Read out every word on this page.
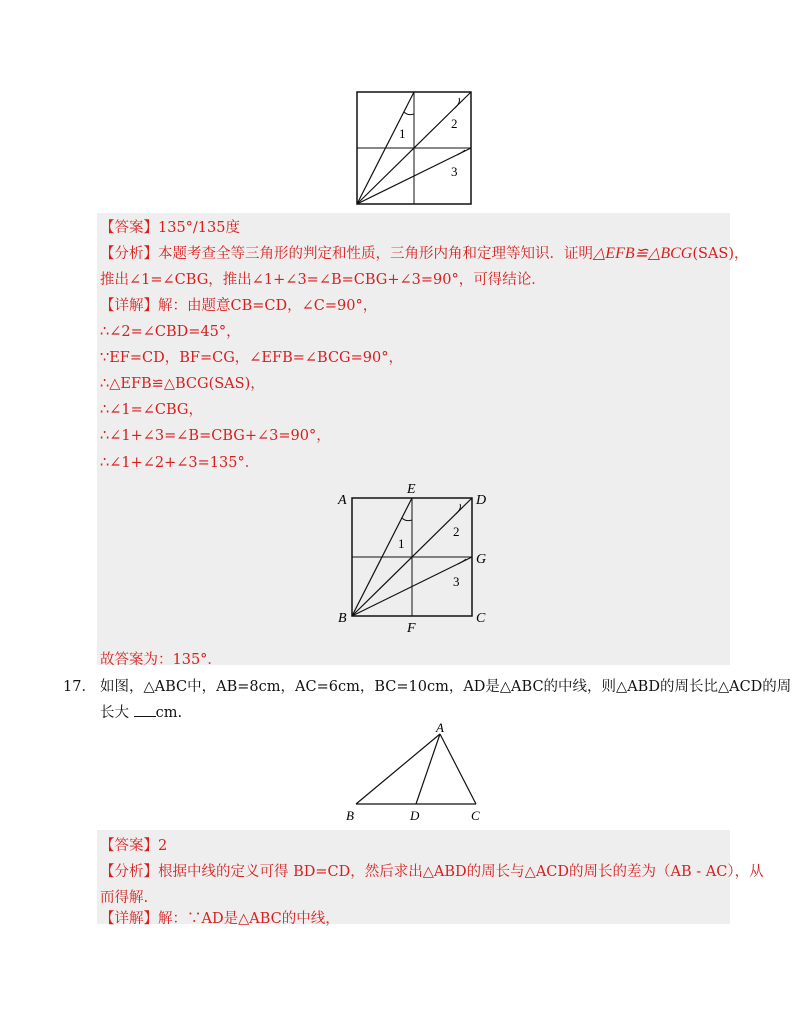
1
2
3
【答案】135°/135度
【分析】本题考查全等三角形的判定和性质，三角形内角和定理等知识．证明△EFB≌△BCG(SAS)，
推出∠1=∠CBG，推出∠1+∠3=∠B=CBG+∠3=90°，可得结论．
【详解】解：由题意CB=CD，∠C=90°，
∴∠2=∠CBD=45°，
∵EF=CD，BF=CG，∠EFB=∠BCG=90°，
∴△EFB≌△BCG(SAS)，
∴∠1=∠CBG，
∴∠1+∠3=∠B=CBG+∠3=90°，
∴∠1+∠2+∠3=135°．
A
E
D
G
B
F
C
1
2
3
故答案为：135°．
17． 如图，△ABC中，AB=8cm，AC=6cm，BC=10cm，AD是△ABC的中线，则△ABD的周长比△ACD的周
长大 cm.
A
B	D	C
【答案】2
【分析】根据中线的定义可得 BD=CD，然后求出△ABD的周长与△ACD的周长的差为（AB - AC），从
而得解.
【详解】解：∵AD是△ABC的中线，
